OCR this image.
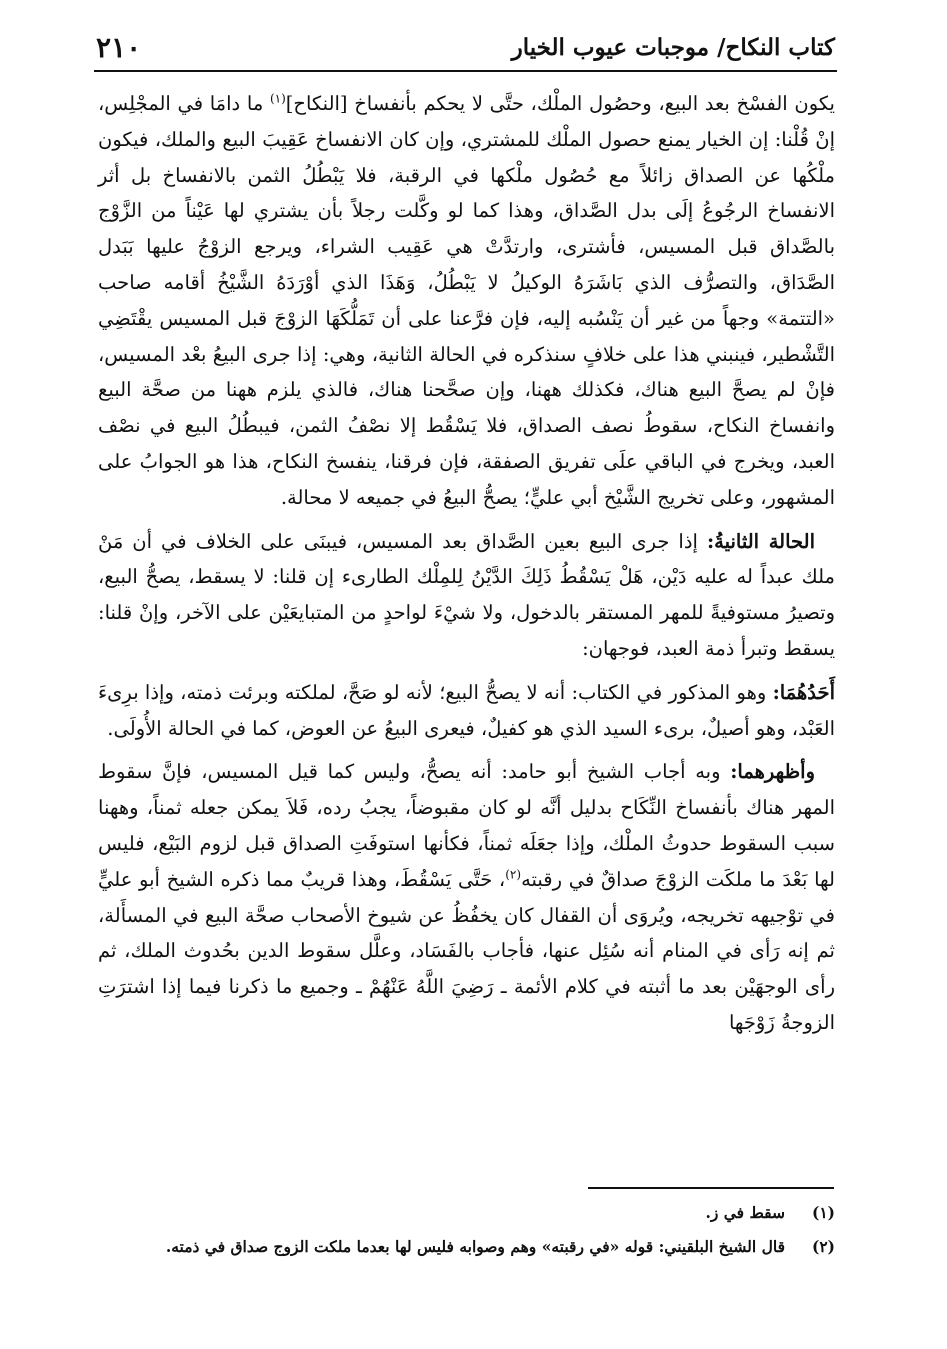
٢١٠	كتاب النكاح/ موجبات عيوب الخيار

يكون الفسْخ بعد البيع، وحصُول الملْك، حتَّى لا يحكم بأنفساخ [النكاح]$^{(١)}$ ما دامَا في المجْلِس، إنْ قُلْنا: إن الخيار يمنع حصول الملْك للمشتري، وإن كان الانفساخ عَقِيبَ البيع والملك، فيكون ملْكُها عن الصداق زائلاً مع حُصُول ملْكها في الرقبة، فلا يَبْطُلُ الثمن بالانفساخ بل أثر الانفساخ الرجُوعُ إلَى بدل الصَّداق، وهذا كما لو وكَّلت رجلاً بأن يشتري لها عَيْناً من الزَّوْج بالصَّداق قبل المسيس، فأشترى، وارتدَّتْ هي عَقِيب الشراء، ويرجع الزوْجُ عليها بَبَدل الصَّدَاق، والتصرُّف الذي بَاشَرَهُ الوكيلُ لا يَبْطُلُ، وَهَذَا الذي أوْرَدَهُ الشَّيْخُ أقامه صاحب «التتمة» وجهاً من غير أن يَنْسُبه إليه، فإن فرَّعنا على أن تَمَلُّكَهَا الزوْجَ قبل المسيس يقْتَضِي التَّشْطير، فينبني هذا على خلافٍ سنذكره في الحالة الثانية، وهي: إذا جرى البيعُ بعْد المسيس، فإنْ لم يصحَّ البيع هناك، فكذلك ههنا، وإن صحَّحنا هناك، فالذي يلزم ههنا من صحَّة البيع وانفساخ النكاح، سقوطُ نصف الصداق، فلا يَسْقُط إلا نصْفُ الثمن، فيبطُلُ البيع في نصْف العبد، ويخرج في الباقي علَى تفريق الصفقة، فإن فرقنا، ينفسخ النكاح، هذا هو الجوابُ على المشهور، وعلى تخريج الشَّيْخ أبي عليٍّ؛ يصحُّ البيعُ في جميعه لا محالة.

الحالة الثانيةُ: إذا جرى البيع بعين الصَّداق بعد المسيس، فيبنَى على الخلاف في أن مَنْ ملك عبداً له عليه دَيْن، هَلْ يَسْقُطُ ذَلِكَ الدَّيْنُ لِلمِلْك الطارىء إن قلنا: لا يسقط، يصحُّ البيع، وتصيرُ مستوفيةً للمهر المستقر بالدخول، ولا شيْءَ لواحدٍ من المتبايعَيْن على الآخر، وإنْ قلنا: يسقط وتبرأ ذمة العبد، فوجهان:

أَحَدُهُمَا: وهو المذكور في الكتاب: أنه لا يصحُّ البيع؛ لأنه لو صَحَّ، لملكته وبرئت ذمته، وإذا برِىءَ العَبْد، وهو أصيلٌ، برىء السيد الذي هو كفيلٌ، فيعرى البيعُ عن العوض، كما في الحالة الأُولَى.

وأظهرهما: وبه أجاب الشيخ أبو حامد: أنه يصحُّ، وليس كما قيل المسيس، فإنَّ سقوط المهر هناك بأنفساخ النِّكَاح بدليل أنَّه لو كان مقبوضاً، يجبُ رده، فَلاَ يمكن جعله ثمناً، وههنا سبب السقوط حدوثُ الملْك، وإذا جعَلَه ثمناً، فكأنها استوفَتِ الصداق قبل لزوم البَيْع، فليس لها بَعْدَ ما ملكَت الزوْجَ صداقٌ في رقبته$^{(٢)}$، حَتَّى يَسْقُطَ، وهذا قريبٌ مما ذكره الشيخ أبو عليٍّ في توْجيهه تخريجه، ويُروَى أن القفال كان يخفُظُ عن شيوخ الأصحاب صحَّة البيع في المسأَلة، ثم إنه رَأى في المنام أنه سُئِل عنها، فأجاب بالفَسَاد، وعلَّل سقوط الدين بحُدوث الملك، ثم رأى الوجهَيْن بعد ما أثبته في كلام الأئمة ـ رَضِيَ اللَّهُ عَنْهُمْ ـ وجميع ما ذكرنا فيما إذا اشترَتِ الزوجةُ زَوْجَها

(١)
سقط في ز.
(٢)
قال الشيخ البلقيني: قوله «في رقبته» وهم وصوابه فليس لها بعدما ملكت الزوج صداق في ذمته.
